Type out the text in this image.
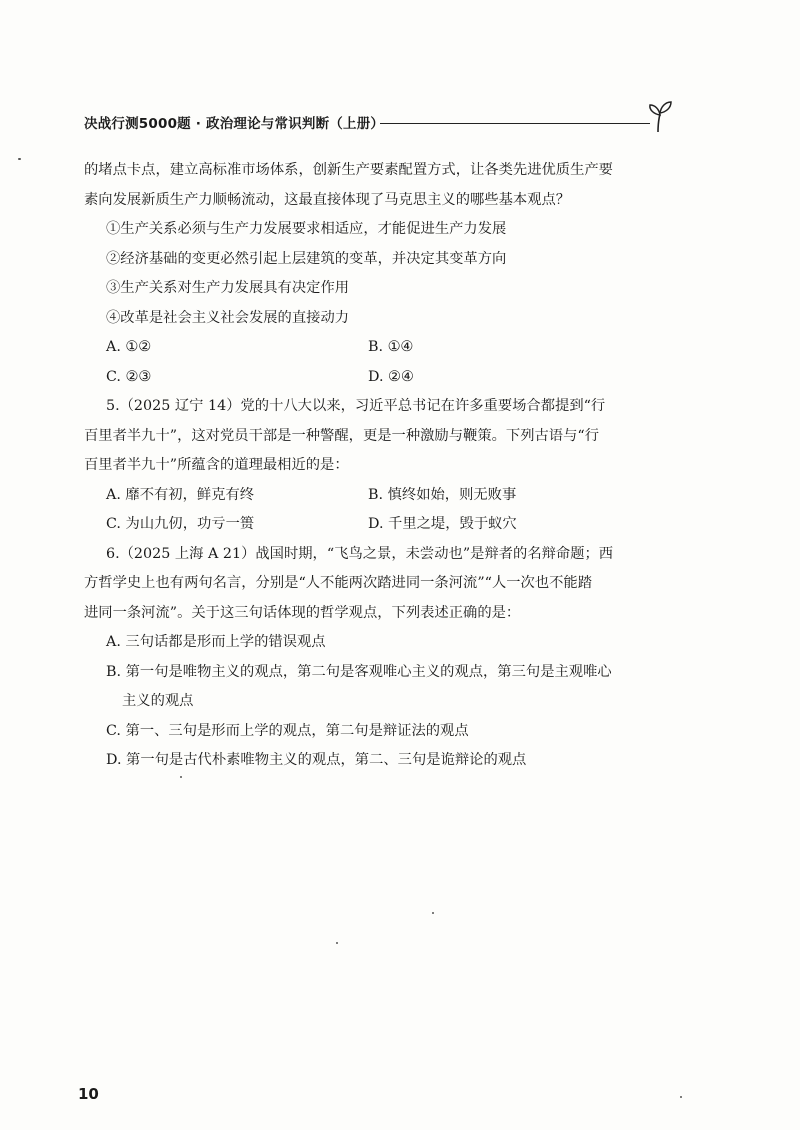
决战行测5000题 · 政治理论与常识判断（上册）

的堵点卡点，建立高标准市场体系，创新生产要素配置方式，让各类先进优质生产要

素向发展新质生产力顺畅流动，这最直接体现了马克思主义的哪些基本观点？

①生产关系必须与生产力发展要求相适应，才能促进生产力发展

②经济基础的变更必然引起上层建筑的变革，并决定其变革方向

③生产关系对生产力发展具有决定作用

④改革是社会主义社会发展的直接动力

A. ①②	B. ①④
C. ②③	D. ②④

5.（2025 辽宁 14）党的十八大以来，习近平总书记在许多重要场合都提到“行

百里者半九十”，这对党员干部是一种警醒，更是一种激励与鞭策。下列古语与“行

百里者半九十”所蕴含的道理最相近的是：

A. 靡不有初，鲜克有终	B. 慎终如始，则无败事
C. 为山九仞，功亏一篑	D. 千里之堤，毁于蚁穴

6.（2025 上海 A 21）战国时期，“飞鸟之景，未尝动也”是辩者的名辩命题；西

方哲学史上也有两句名言，分别是“人不能两次踏进同一条河流”“人一次也不能踏

进同一条河流”。关于这三句话体现的哲学观点，下列表述正确的是：

A. 三句话都是形而上学的错误观点

B. 第一句是唯物主义的观点，第二句是客观唯心主义的观点，第三句是主观唯心

主义的观点

C. 第一、三句是形而上学的观点，第二句是辩证法的观点

D. 第一句是古代朴素唯物主义的观点，第二、三句是诡辩论的观点

10
